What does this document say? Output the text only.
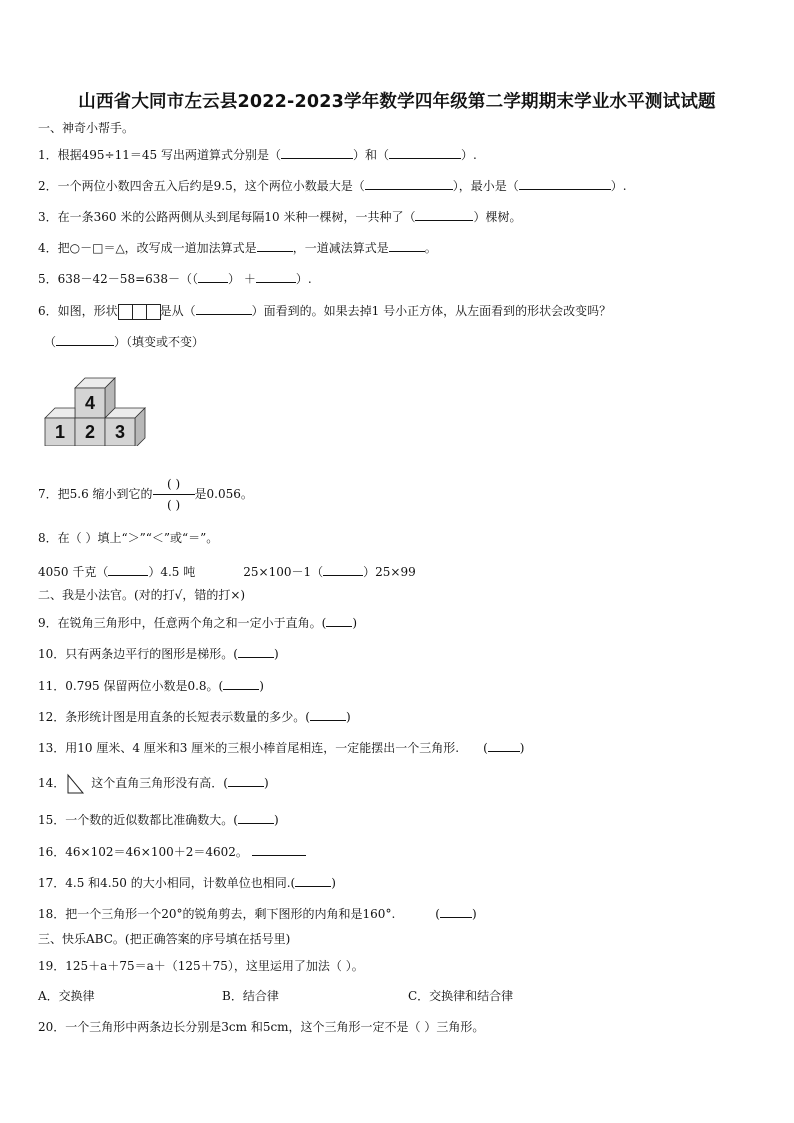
山西省大同市左云县2022-2023学年数学四年级第二学期期末学业水平测试试题
一、神奇小帮手。
1．根据495÷11＝45 写出两道算式分别是（	）和（	）.
2．一个两位小数四舍五入后约是9.5，这个两位小数最大是（	），最小是（	）.
3．在一条360 米的公路两侧从头到尾每隔10 米种一棵树，一共种了（	）棵树。
4．把○－□＝△，改写成一道加法算式是	，一道减法算式是	。
5．638－42－58=638－（（	） ＋	）.
6．如图，形状	是从（	）面看到的。如果去掉1 号小正方体，从左面看到的形状会改变吗？
（	）（填变或不变）
4
1 2 3
7．把5.6 缩小到它的 $\frac{( )}{( )}$ 是0.056。
8．在（ ）填上“＞”“＜”或“＝”。
4050 千克（	）4.5 吨	25×100－1（	）25×99
二、我是小法官。(对的打√，错的打×)
9．在锐角三角形中，任意两个角之和一定小于直角。( )
10．只有两条边平行的图形是梯形。(	)
11．0.795 保留两位小数是0.8。(	)
12．条形统计图是用直条的长短表示数量的多少。(	)
13．用10 厘米、4 厘米和3 厘米的三根小棒首尾相连，一定能摆出一个三角形. (	)
14． 这个直角三角形没有高．(	)
15．一个数的近似数都比准确数大。(	)
16．46×102＝46×100＋2＝4602。
17．4.5 和4.50 的大小相同，计数单位也相同.(	)
18．把一个三角形一个20°的锐角剪去，剩下图形的内角和是160°.	(	)
三、快乐ABC。(把正确答案的序号填在括号里)
19．125＋a＋75＝a＋（125＋75），这里运用了加法（ ）。
A．交换律	B．结合律	C．交换律和结合律
20．一个三角形中两条边长分别是3cm 和5cm，这个三角形一定不是（ ）三角形。
